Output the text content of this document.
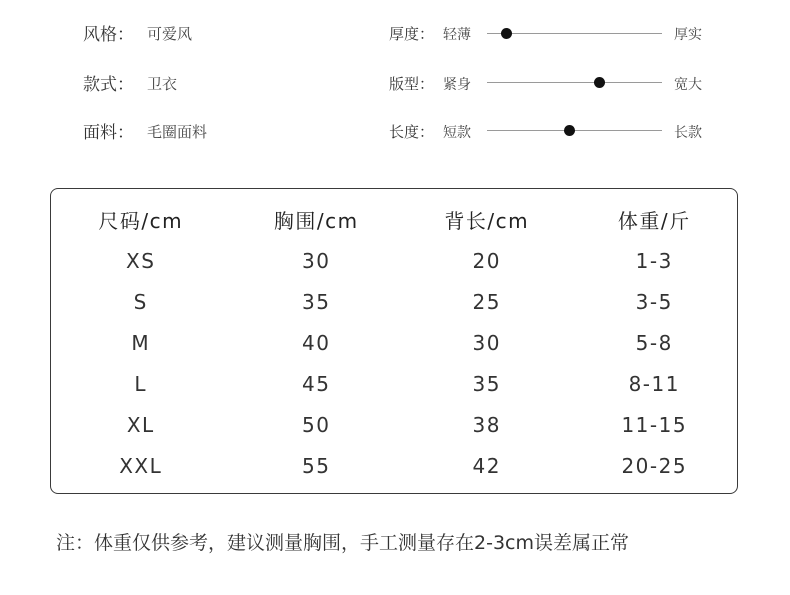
风格： 可爱风
款式： 卫衣
面料： 毛圈面料
厚度： 轻薄	厚实
版型： 紧身	宽大
长度： 短款	长款
尺码/cm	胸围/cm	背长/cm	体重/斤
XS	30	20	1-3
S	35	25	3-5
M	40	30	5-8
L	45	35	8-11
XL	50	38	11-15
XXL	55	42	20-25
注：体重仅供参考，建议测量胸围，手工测量存在2-3cm误差属正常
